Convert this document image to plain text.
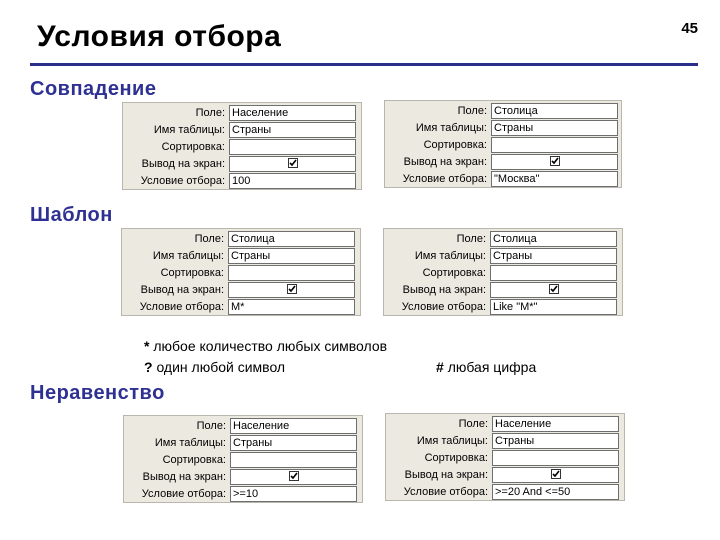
Условия отбора	45
Совпадение
Шаблон
Неравенство
Поле: Население
Имя таблицы: Страны
Сортировка:
Вывод на экран:
Условие отбора: 100
Поле: Столица
Имя таблицы: Страны
Сортировка:
Вывод на экран:
Условие отбора: "Москва"
Поле: Столица
Имя таблицы: Страны
Сортировка:
Вывод на экран:
Условие отбора: М*
Поле: Столица
Имя таблицы: Страны
Сортировка:
Вывод на экран:
Условие отбора: Like "М*"
* любое количество любых символов
? один любой символ	# любая цифра
Поле: Население
Имя таблицы: Страны
Сортировка:
Вывод на экран:
Условие отбора: >=10
Поле: Население
Имя таблицы: Страны
Сортировка:
Вывод на экран:
Условие отбора: >=20 And <=50
